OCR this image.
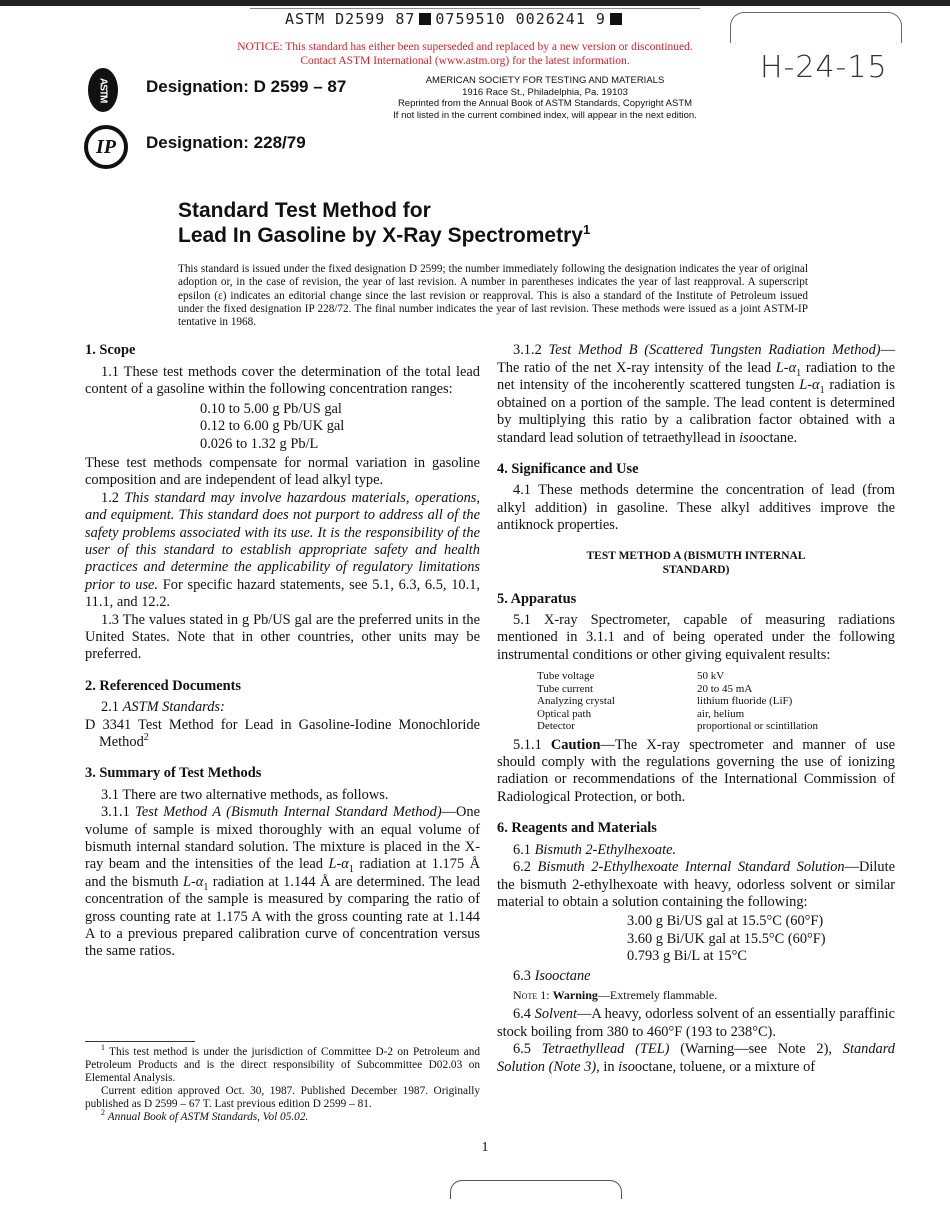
ASTM D2599 87 0759510 0026241 9
NOTICE: This standard has either been superseded and replaced by a new version or discontinued.
Contact ASTM International (www.astm.org) for the latest information.	H-24-15
ASTM Designation: D 2599 – 87
IP Designation: 228/79
AMERICAN SOCIETY FOR TESTING AND MATERIALS
1916 Race St., Philadelphia, Pa. 19103
Reprinted from the Annual Book of ASTM Standards, Copyright ASTM
If not listed in the current combined index, will appear in the next edition.
Standard Test Method for
Lead In Gasoline by X-Ray Spectrometry$^1$
This standard is issued under the fixed designation D 2599; the number immediately following the designation indicates the year of original adoption or, in the case of revision, the year of last revision. A number in parentheses indicates the year of last reapproval. A superscript epsilon (ε) indicates an editorial change since the last revision or reapproval. This is also a standard of the Institute of Petroleum issued under the fixed designation IP 228/72. The final number indicates the year of last revision. These methods were issued as a joint ASTM-IP tentative in 1968.
1. Scope
1.1 These test methods cover the determination of the total lead content of a gasoline within the following concentration ranges:
0.10 to 5.00 g Pb/US gal
0.12 to 6.00 g Pb/UK gal
0.026 to 1.32 g Pb/L
These test methods compensate for normal variation in gasoline composition and are independent of lead alkyl type.
1.2 This standard may involve hazardous materials, operations, and equipment. This standard does not purport to address all of the safety problems associated with its use. It is the responsibility of the user of this standard to establish appropriate safety and health practices and determine the applicability of regulatory limitations prior to use. For specific hazard statements, see 5.1, 6.3, 6.5, 10.1, 11.1, and 12.2.
1.3 The values stated in g Pb/US gal are the preferred units in the United States. Note that in other countries, other units may be preferred.
2. Referenced Documents
2.1 ASTM Standards:
D 3341 Test Method for Lead in Gasoline-Iodine Monochloride Method$^2$
3. Summary of Test Methods
3.1 There are two alternative methods, as follows.
3.1.1 Test Method A (Bismuth Internal Standard Method)—One volume of sample is mixed thoroughly with an equal volume of bismuth internal standard solution. The mixture is placed in the X-ray beam and the intensities of the lead $L-\alpha_1$ radiation at 1.175 Å and the bismuth $L-\alpha_1$ radiation at 1.144 Å are determined. The lead concentration of the sample is measured by comparing the ratio of gross counting rate at 1.175 A with the gross counting rate at 1.144 A to a previous prepared calibration curve of concentration versus the same ratios.

$^1$ This test method is under the jurisdiction of Committee D-2 on Petroleum and Petroleum Products and is the direct responsibility of Subcommittee D02.03 on Elemental Analysis.

Current edition approved Oct. 30, 1987. Published December 1987. Originally published as D 2599 – 67 T. Last previous edition D 2599 – 81.

$^2$ Annual Book of ASTM Standards, Vol 05.02.

3.1.2 Test Method B (Scattered Tungsten Radiation Method)—The ratio of the net X-ray intensity of the lead $L-\alpha_1$ radiation to the net intensity of the incoherently scattered tungsten $L-\alpha_1$ radiation is obtained on a portion of the sample. The lead content is determined by multiplying this ratio by a calibration factor obtained with a standard lead solution of tetraethyllead in isooctane.
4. Significance and Use
4.1 These methods determine the concentration of lead (from alkyl addition) in gasoline. These alkyl additives improve the antiknock properties.
TEST METHOD A (BISMUTH INTERNAL
STANDARD)
5. Apparatus
5.1 X-ray Spectrometer, capable of measuring radiations mentioned in 3.1.1 and of being operated under the following instrumental conditions or other giving equivalent results:
Tube voltage	50 kV
Tube current	20 to 45 mA
Analyzing crystal	lithium fluoride (LiF)
Optical path	air, helium
Detector	proportional or scintillation
5.1.1 Caution—The X-ray spectrometer and manner of use should comply with the regulations governing the use of ionizing radiation or recommendations of the International Commission of Radiological Protection, or both.
6. Reagents and Materials
6.1 Bismuth 2-Ethylhexoate.
6.2 Bismuth 2-Ethylhexoate Internal Standard Solution—Dilute the bismuth 2-ethylhexoate with heavy, odorless solvent or similar material to obtain a solution containing the following:
3.00 g Bi/US gal at 15.5°C (60°F)
3.60 g Bi/UK gal at 15.5°C (60°F)
0.793 g Bi/L at 15°C
6.3 Isooctane
Note 1: Warning—Extremely flammable.
6.4 Solvent—A heavy, odorless solvent of an essentially paraffinic stock boiling from 380 to 460°F (193 to 238°C).
6.5 Tetraethyllead (TEL) (Warning—see Note 2), Standard Solution (Note 3), in isooctane, toluene, or a mixture of
1
